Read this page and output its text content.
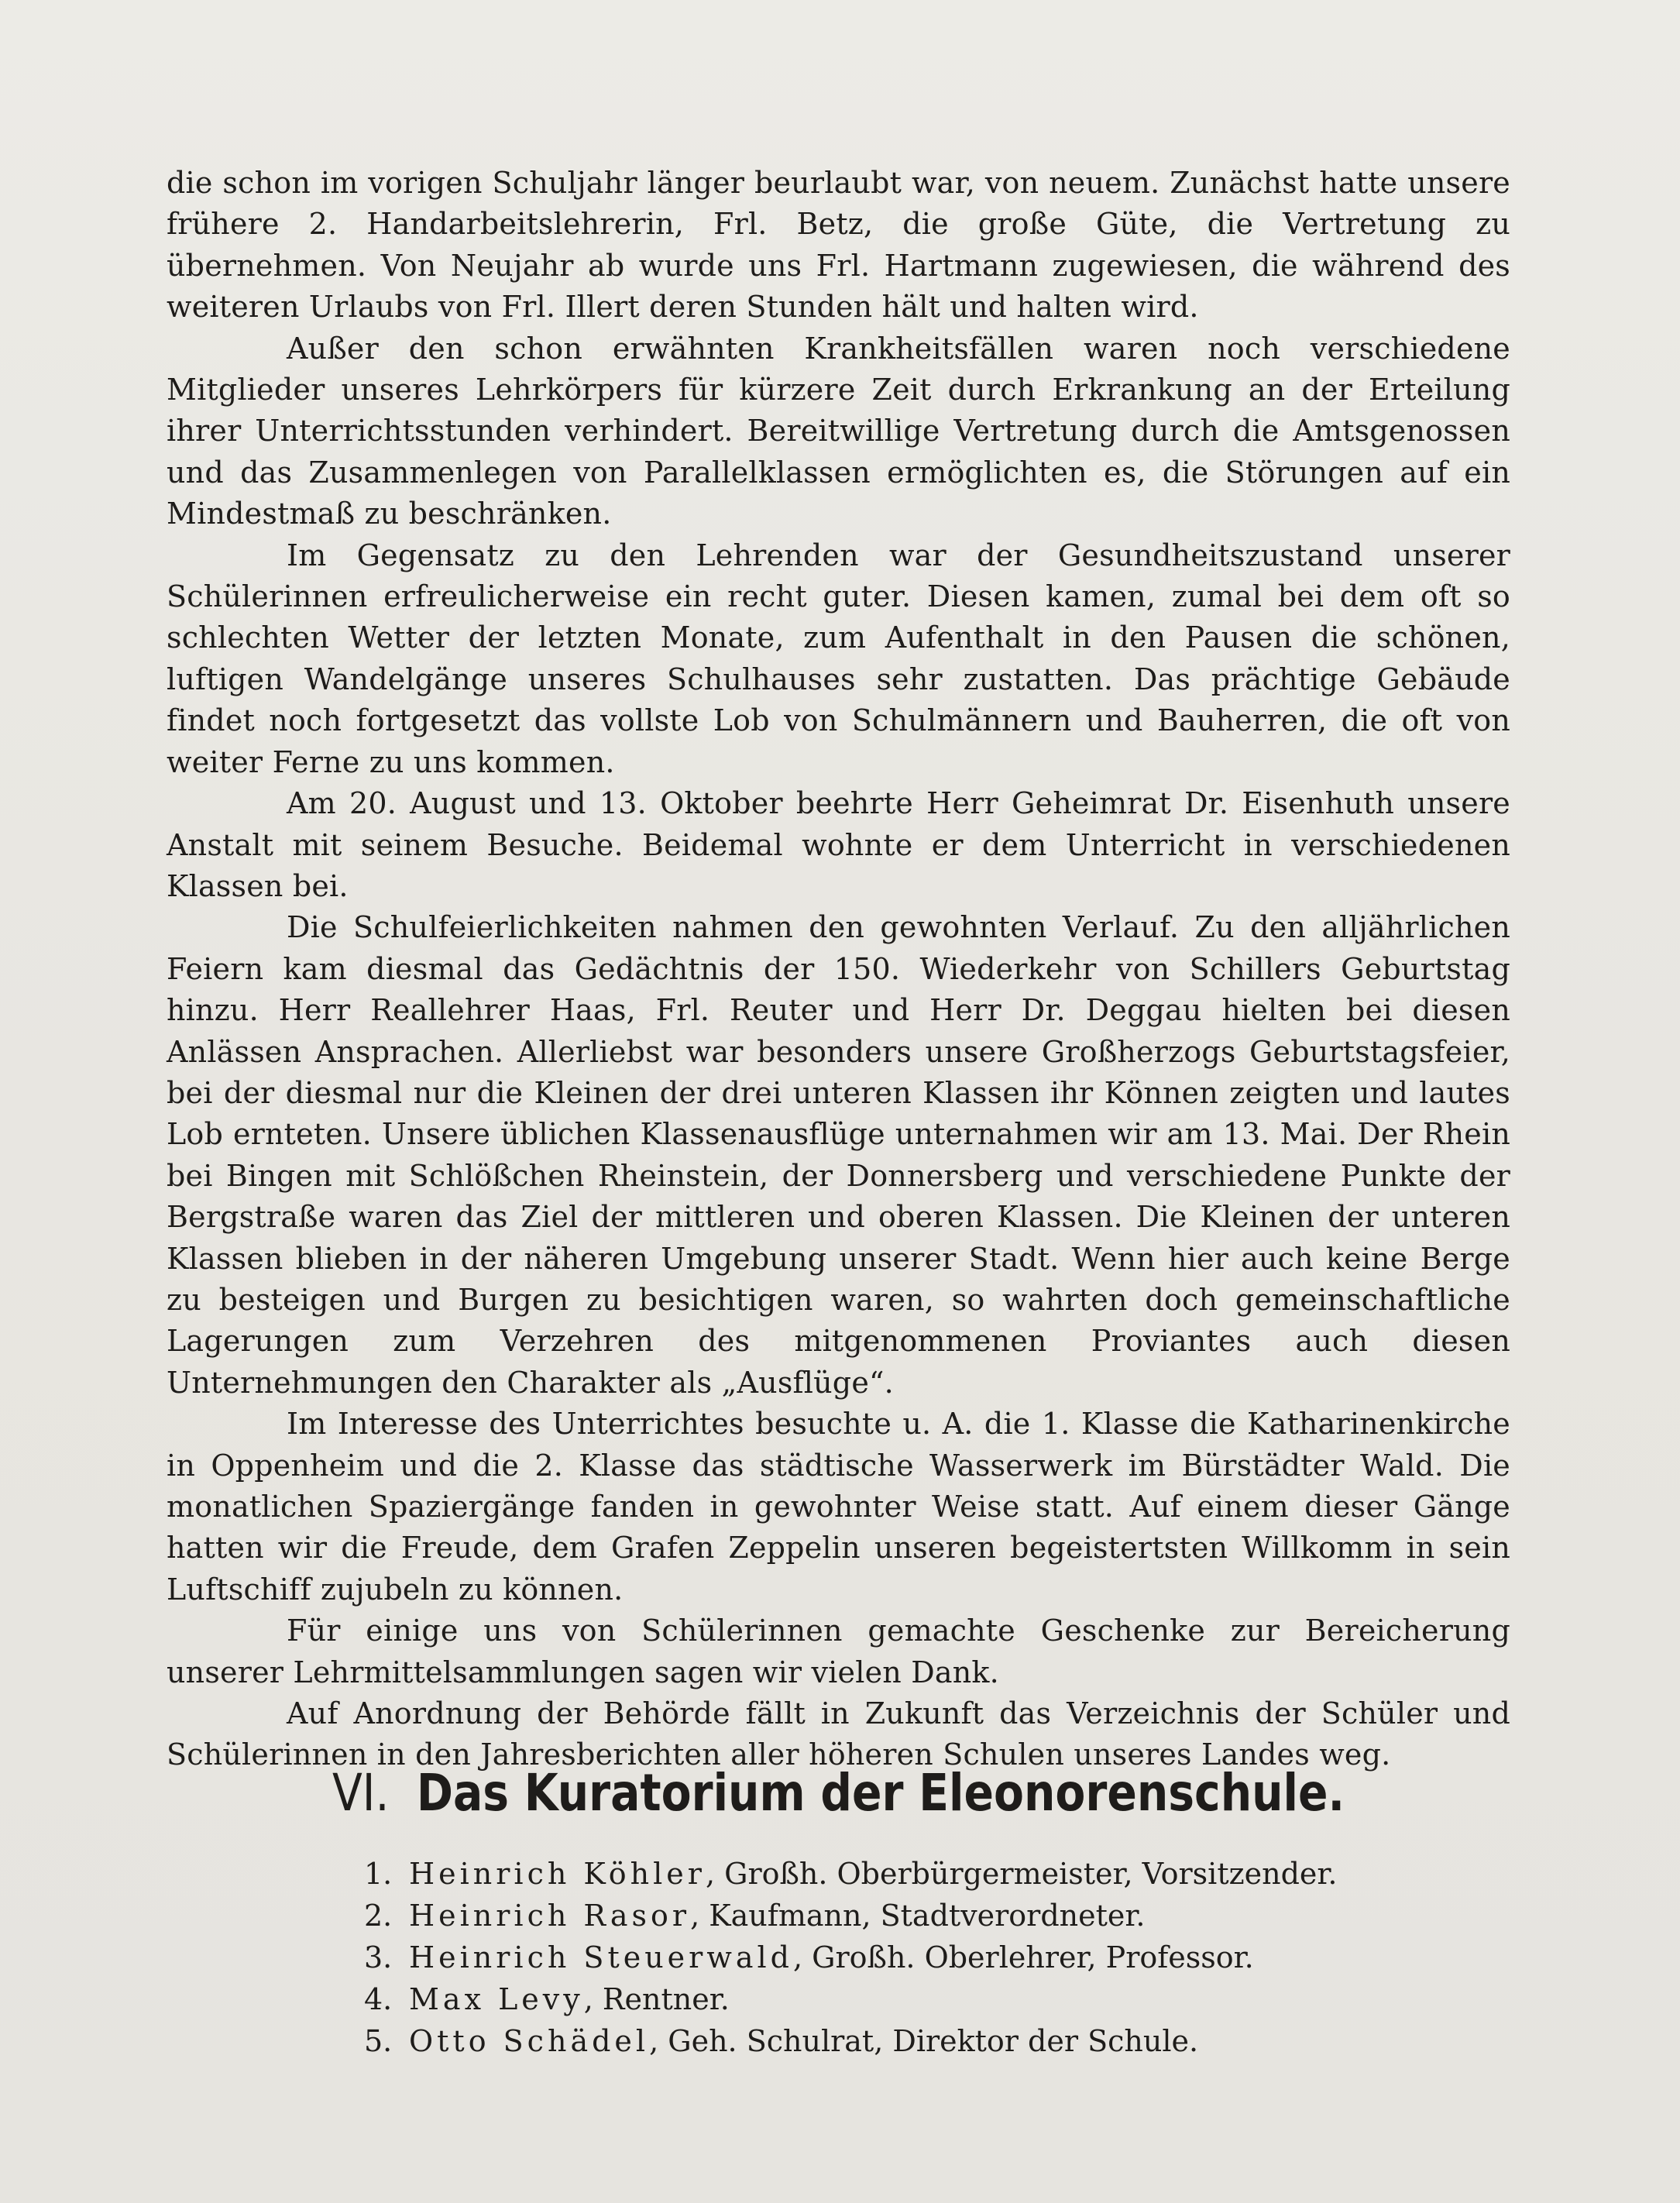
die schon im vorigen Schuljahr länger beurlaubt war, von neuem. Zunächst hatte unsere frühere 2. Handarbeitslehrerin, Frl. Betz, die große Güte, die Vertretung zu übernehmen. Von Neujahr ab wurde uns Frl. Hartmann zugewiesen, die während des weiteren Urlaubs von Frl. Illert deren Stunden hält und halten wird.

Außer den schon erwähnten Krankheitsfällen waren noch verschiedene Mitglieder unseres Lehrkörpers für kürzere Zeit durch Erkrankung an der Erteilung ihrer Unterrichtsstunden verhindert. Bereitwillige Vertretung durch die Amtsgenossen und das Zusammenlegen von Parallelklassen ermöglichten es, die Störungen auf ein Mindestmaß zu beschränken.

Im Gegensatz zu den Lehrenden war der Gesundheitszustand unserer Schülerinnen erfreulicherweise ein recht guter. Diesen kamen, zumal bei dem oft so schlechten Wetter der letzten Monate, zum Aufenthalt in den Pausen die schönen, luftigen Wandelgänge unseres Schulhauses sehr zustatten. Das prächtige Gebäude findet noch fortgesetzt das vollste Lob von Schulmännern und Bauherren, die oft von weiter Ferne zu uns kommen.

Am 20. August und 13. Oktober beehrte Herr Geheimrat Dr. Eisenhuth unsere Anstalt mit seinem Besuche. Beidemal wohnte er dem Unterricht in verschiedenen Klassen bei.

Die Schulfeierlichkeiten nahmen den gewohnten Verlauf. Zu den alljährlichen Feiern kam diesmal das Gedächtnis der 150. Wiederkehr von Schillers Geburtstag hinzu. Herr Reallehrer Haas, Frl. Reuter und Herr Dr. Deggau hielten bei diesen Anlässen Ansprachen. Allerliebst war besonders unsere Großherzogs Geburtstagsfeier, bei der diesmal nur die Kleinen der drei unteren Klassen ihr Können zeigten und lautes Lob ernteten. Unsere üblichen Klassenausflüge unternahmen wir am 13. Mai. Der Rhein bei Bingen mit Schlößchen Rheinstein, der Donnersberg und verschiedene Punkte der Bergstraße waren das Ziel der mittleren und oberen Klassen. Die Kleinen der unteren Klassen blieben in der näheren Umgebung unserer Stadt. Wenn hier auch keine Berge zu besteigen und Burgen zu besichtigen waren, so wahrten doch gemeinschaftliche Lagerungen zum Verzehren des mitgenommenen Proviantes auch diesen Unternehmungen den Charakter als „Ausflüge“.

Im Interesse des Unterrichtes besuchte u. A. die 1. Klasse die Katharinenkirche in Oppenheim und die 2. Klasse das städtische Wasserwerk im Bürstädter Wald. Die monatlichen Spaziergänge fanden in gewohnter Weise statt. Auf einem dieser Gänge hatten wir die Freude, dem Grafen Zeppelin unseren begeistertsten Willkomm in sein Luftschiff zujubeln zu können.

Für einige uns von Schülerinnen gemachte Geschenke zur Bereicherung unserer Lehrmittelsammlungen sagen wir vielen Dank.

Auf Anordnung der Behörde fällt in Zukunft das Verzeichnis der Schüler und Schülerinnen in den Jahresberichten aller höheren Schulen unseres Landes weg.

VI. Das Kuratorium der Eleonorenschule.
1. Heinrich Köhler, Großh. Oberbürgermeister, Vorsitzender.
2. Heinrich Rasor, Kaufmann, Stadtverordneter.
3. Heinrich Steuerwald, Großh. Oberlehrer, Professor.
4. Max Levy, Rentner.
5. Otto Schädel, Geh. Schulrat, Direktor der Schule.
